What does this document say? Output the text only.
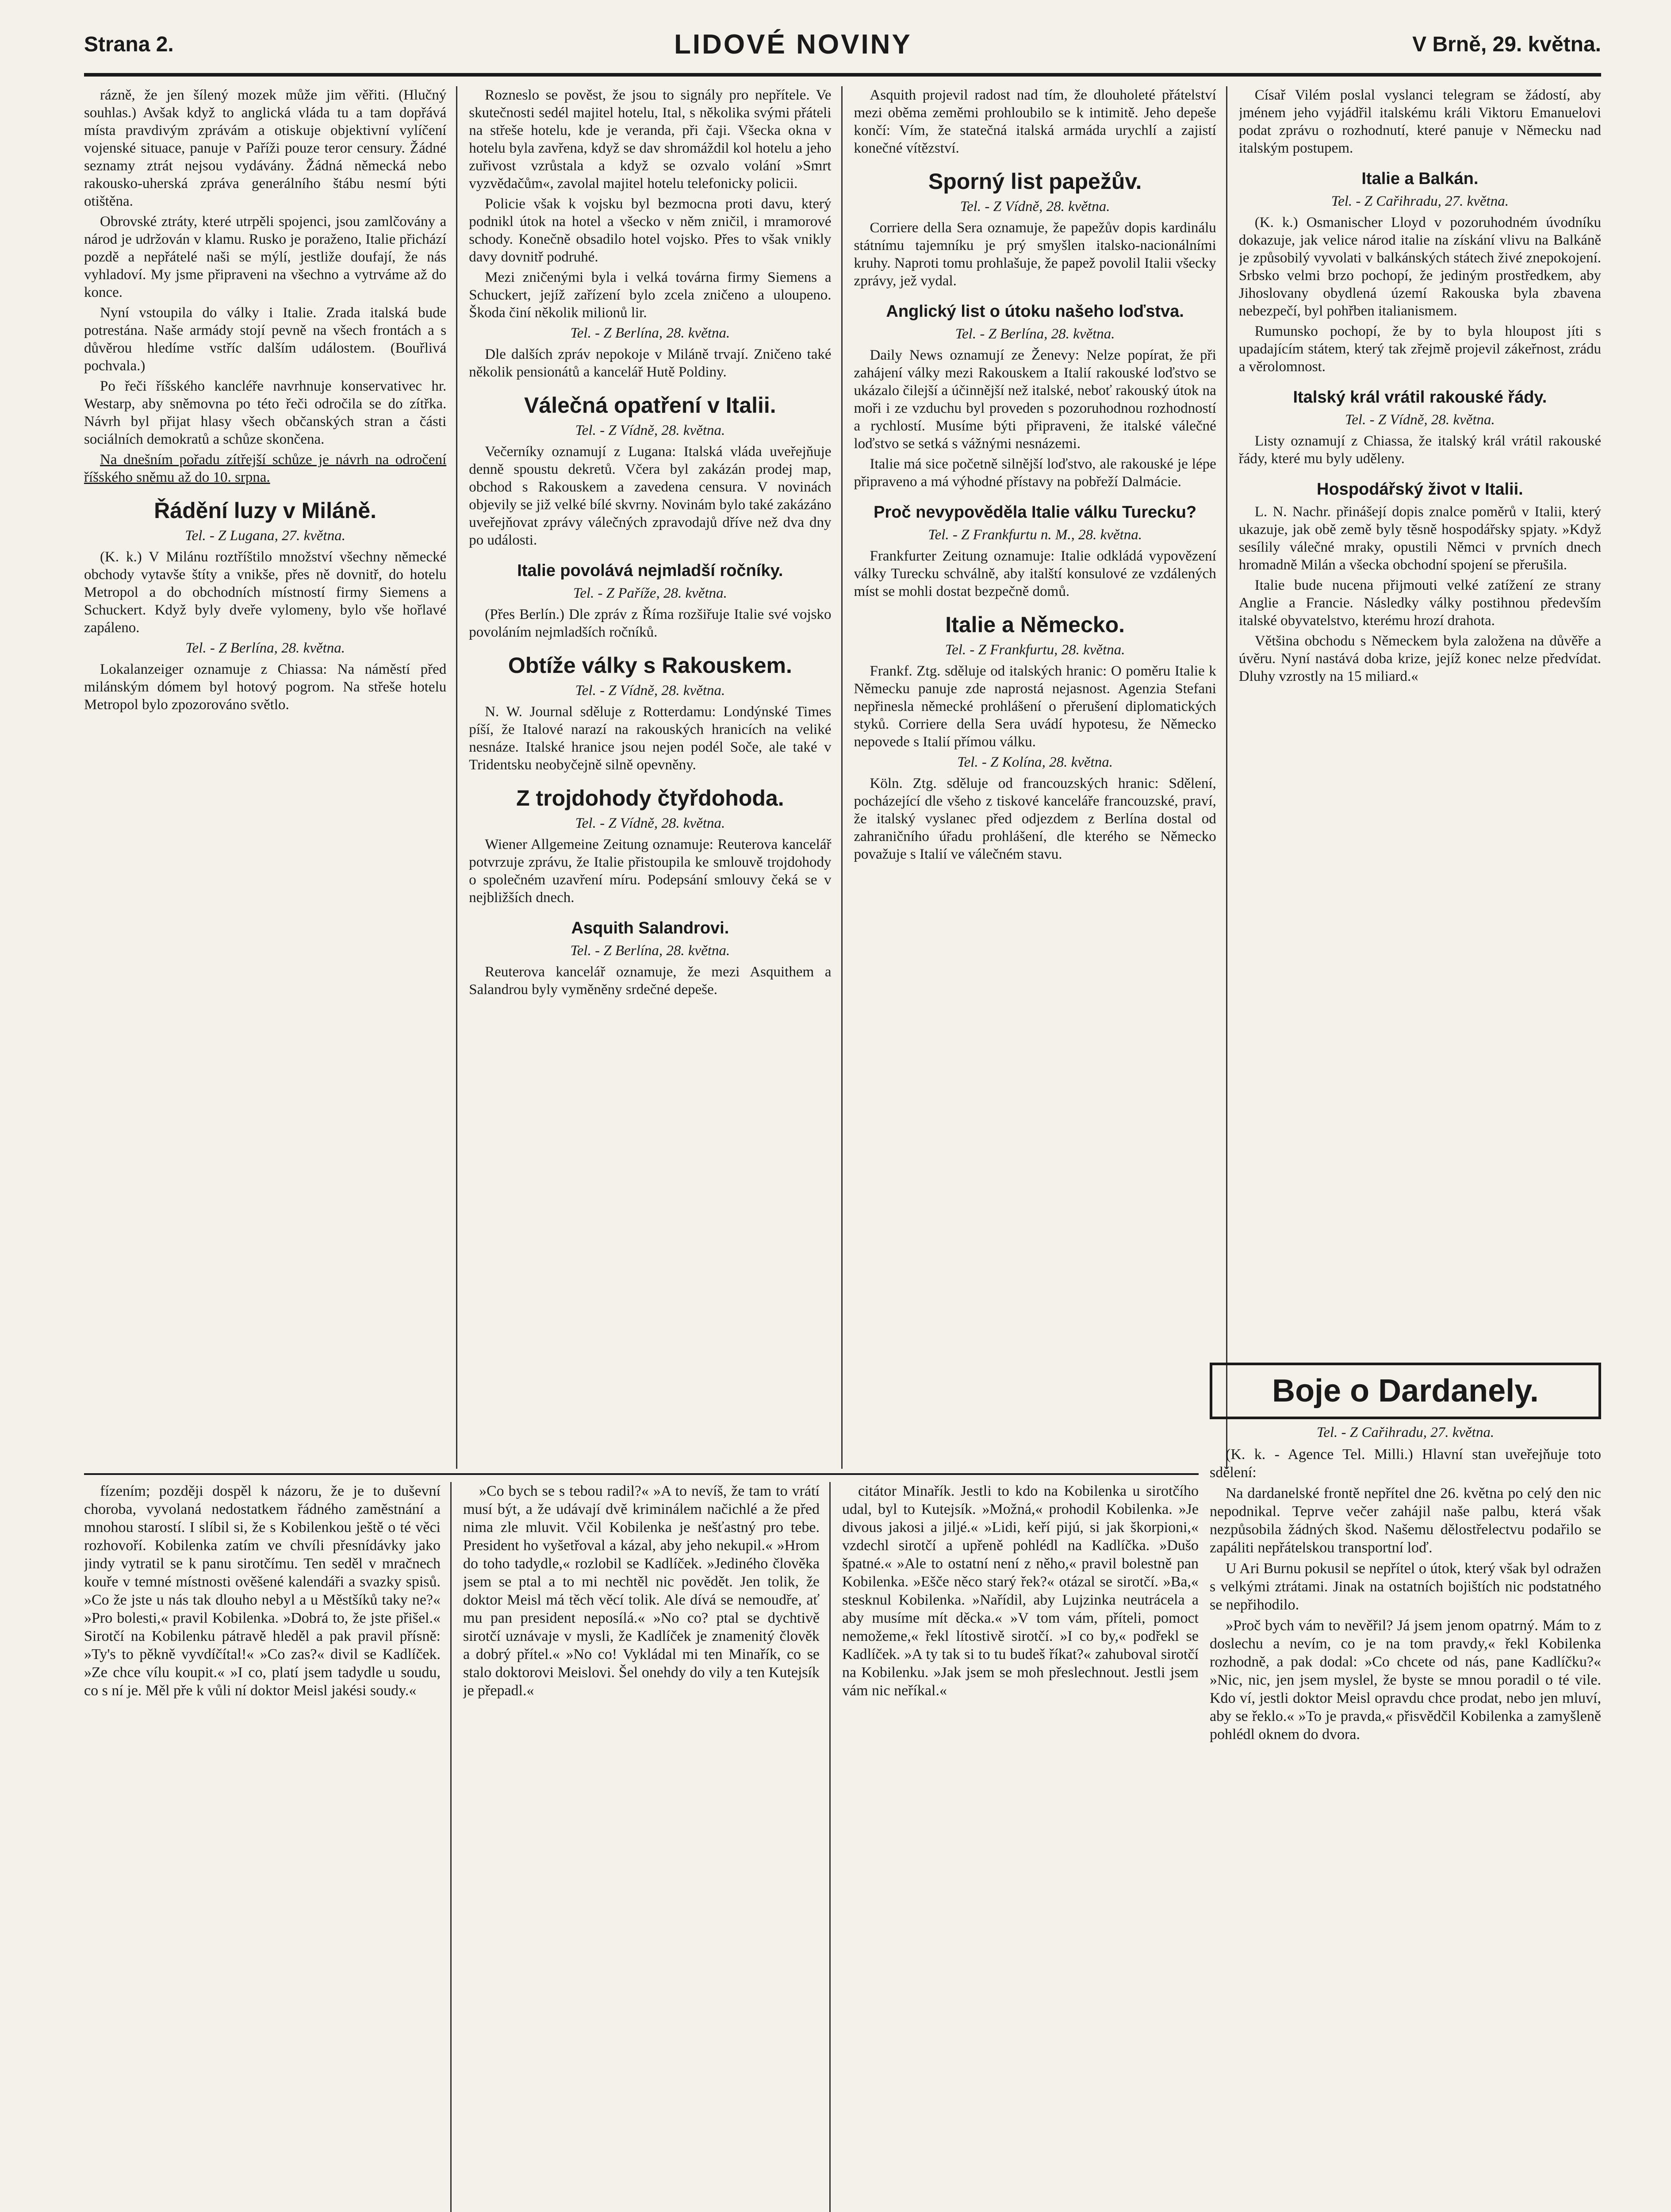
Strana 2.	LIDOVÉ NOVINY	V Brně, 29. května.

rázně, že jen šílený mozek může jim věřiti. (Hlučný souhlas.) Avšak když to anglická vláda tu a tam dopřává místa pravdivým zprávám a otiskuje objektivní vylíčení vojenské situace, panuje v Paříži pouze teror censury. Žádné seznamy ztrát nejsou vydávány. Žádná německá nebo rakousko-uherská zpráva generálního štábu nesmí býti otištěna.

Obrovské ztráty, které utrpěli spojenci, jsou zamlčovány a národ je udržován v klamu. Rusko je poraženo, Italie přichází pozdě a nepřátelé naši se mýlí, jestliže doufají, že nás vyhladoví. My jsme připraveni na všechno a vytrváme až do konce.

Nyní vstoupila do války i Italie. Zrada italská bude potrestána. Naše armády stojí pevně na všech frontách a s důvěrou hledíme vstříc dalším událostem. (Bouřlivá pochvala.)

Po řeči říšského kancléře navrhnuje konservativec hr. Westarp, aby sněmovna po této řeči odročila se do zítřka. Návrh byl přijat hlasy všech občanských stran a části sociálních demokratů a schůze skončena.

Na dnešním pořadu zítřejší schůze je návrh na odročení říšského sněmu až do 10. srpna.

Řádění luzy v Miláně.
Tel. - Z Lugana, 27. května.

(K. k.) V Milánu roztříštilo množství všechny německé obchody vytavše štíty a vnikše, přes ně dovnitř, do hotelu Metropol a do obchodních místností firmy Siemens a Schuckert. Když byly dveře vylomeny, bylo vše hořlavé zapáleno.

Tel. - Z Berlína, 28. května.

Lokalanzeiger oznamuje z Chiassa: Na náměstí před milánským dómem byl hotový pogrom. Na střeše hotelu Metropol bylo zpozorováno světlo.

Rozneslo se pověst, že jsou to signály pro nepřítele. Ve skutečnosti sedél majitel hotelu, Ital, s několika svými přáteli na střeše hotelu, kde je veranda, při čaji. Všecka okna v hotelu byla zavřena, když se dav shromáždil kol hotelu a jeho zuřivost vzrůstala a když se ozvalo volání »Smrt vyzvědačům«, zavolal majitel hotelu telefonicky policii.

Policie však k vojsku byl bezmocna proti davu, který podnikl útok na hotel a všecko v něm zničil, i mramorové schody. Konečně obsadilo hotel vojsko. Přes to však vnikly davy dovnitř podruhé.

Mezi zničenými byla i velká továrna firmy Siemens a Schuckert, jejíž zařízení bylo zcela zničeno a uloupeno. Škoda činí několik milionů lir.

Tel. - Z Berlína, 28. května.

Dle dalších zpráv nepokoje v Miláně trvají. Zničeno také několik pensionátů a kancelář Hutě Poldiny.

Válečná opatření v Italii.
Tel. - Z Vídně, 28. května.

Večerníky oznamují z Lugana: Italská vláda uveřejňuje denně spoustu dekretů. Včera byl zakázán prodej map, obchod s Rakouskem a zavedena censura. V novinách objevily se již velké bílé skvrny. Novinám bylo také zakázáno uveřejňovat zprávy válečných zpravodajů dříve než dva dny po události.

Italie povolává nejmladší ročníky.
Tel. - Z Paříže, 28. května.

(Přes Berlín.) Dle zpráv z Říma rozšiřuje Italie své vojsko povoláním nejmladších ročníků.

Obtíže války s Rakouskem.
Tel. - Z Vídně, 28. května.

N. W. Journal sděluje z Rotterdamu: Londýnské Times píší, že Italové narazí na rakouských hranicích na veliké nesnáze. Italské hranice jsou nejen podél Soče, ale také v Tridentsku neobyčejně silně opevněny.

Z trojdohody čtyřdohoda.
Tel. - Z Vídně, 28. května.

Wiener Allgemeine Zeitung oznamuje: Reuterova kancelář potvrzuje zprávu, že Italie přistoupila ke smlouvě trojdohody o společném uzavření míru. Podepsání smlouvy čeká se v nejbližších dnech.

Asquith Salandrovi.
Tel. - Z Berlína, 28. května.

Reuterova kancelář oznamuje, že mezi Asquithem a Salandrou byly vyměněny srdečné depeše.

Asquith projevil radost nad tím, že dlouholeté přátelství mezi oběma zeměmi prohloubilo se k intimitě. Jeho depeše končí: Vím, že statečná italská armáda urychlí a zajistí konečné vítězství.

Sporný list papežův.
Tel. - Z Vídně, 28. května.

Corriere della Sera oznamuje, že papežův dopis kardinálu státnímu tajemníku je prý smyšlen italsko-nacionálními kruhy. Naproti tomu prohlašuje, že papež povolil Italii všecky zprávy, jež vydal.

Anglický list o útoku našeho loďstva.
Tel. - Z Berlína, 28. května.

Daily News oznamují ze Ženevy: Nelze popírat, že při zahájení války mezi Rakouskem a Italií rakouské loďstvo se ukázalo čilejší a účinnější než italské, neboť rakouský útok na moři i ze vzduchu byl proveden s pozoruhodnou rozhodností a rychlostí. Musíme býti připraveni, že italské válečné loďstvo se setká s vážnými nesnázemi.

Italie má sice početně silnější loďstvo, ale rakouské je lépe připraveno a má výhodné přístavy na pobřeží Dalmácie.

Proč nevypověděla Italie válku Turecku?
Tel. - Z Frankfurtu n. M., 28. května.

Frankfurter Zeitung oznamuje: Italie odkládá vypovězení války Turecku schválně, aby italští konsulové ze vzdálených míst se mohli dostat bezpečně domů.

Italie a Německo.
Tel. - Z Frankfurtu, 28. května.

Frankf. Ztg. sděluje od italských hranic: O poměru Italie k Německu panuje zde naprostá nejasnost. Agenzia Stefani nepřinesla německé prohlášení o přerušení diplomatických styků. Corriere della Sera uvádí hypotesu, že Německo nepovede s Italií přímou válku.

Tel. - Z Kolína, 28. května.

Köln. Ztg. sděluje od francouzských hranic: Sdělení, pocházející dle všeho z tiskové kanceláře francouzské, praví, že italský vyslanec před odjezdem z Berlína dostal od zahraničního úřadu prohlášení, dle kterého se Německo považuje s Italií ve válečném stavu.

Císař Vilém poslal vyslanci telegram se žádostí, aby jménem jeho vyjádřil italskému králi Viktoru Emanuelovi podat zprávu o rozhodnutí, které panuje v Německu nad italským postupem.

Italie a Balkán.
Tel. - Z Cařihradu, 27. května.

(K. k.) Osmanischer Lloyd v pozoruhodném úvodníku dokazuje, jak velice národ italie na získání vlivu na Balkáně je způsobilý vyvolati v balkánských státech živé znepokojení. Srbsko velmi brzo pochopí, že jediným prostředkem, aby Jihoslovany obydlená území Rakouska byla zbavena nebezpečí, byl pohřben italianismem.

Rumunsko pochopí, že by to byla hloupost jíti s upadajícím státem, který tak zřejmě projevil zákeřnost, zrádu a věrolomnost.

Italský král vrátil rakouské řády.
Tel. - Z Vídně, 28. května.

Listy oznamují z Chiassa, že italský král vrátil rakouské řády, které mu byly uděleny.

Hospodářský život v Italii.

L. N. Nachr. přinášejí dopis znalce poměrů v Italii, který ukazuje, jak obě země byly těsně hospodářsky spjaty. »Když sesílily válečné mraky, opustili Němci v prvních dnech hromadně Milán a všecka obchodní spojení se přerušila.

Italie bude nucena přijmouti velké zatížení ze strany Anglie a Francie. Následky války postihnou především italské obyvatelstvo, kterému hrozí drahota.

Většina obchodu s Německem byla založena na důvěře a úvěru. Nyní nastává doba krize, jejíž konec nelze předvídat. Dluhy vzrostly na 15 miliard.«

fízením; později dospěl k názoru, že je to duševní choroba, vyvolaná nedostatkem řádného zaměstnání a mnohou starostí. I slíbil si, že s Kobilenkou ještě o té věci rozhovoří. Kobilenka zatím ve chvíli přesnídávky jako jindy vytratil se k panu sirotčímu. Ten seděl v mračnech kouře v temné místnosti ověšené kalendáři a svazky spisů. »Co že jste u nás tak dlouho nebyl a u Městšíků taky ne?« »Pro bolesti,« pravil Kobilenka. »Dobrá to, že jste přišel.« Sirotčí na Kobilenku pátravě hleděl a pak pravil přísně: »Ty's to pěkně vyvdíčítal!« »Co zas?« divil se Kadlíček. »Ze chce vílu koupit.« »I co, platí jsem tadydle u soudu, co s ní je. Měl pře k vůli ní doktor Meisl jakési soudy.«

»Co bych se s tebou radil?« »A to nevíš, že tam to vrátí musí být, a že udávají dvě kriminálem načichlé a že před nima zle mluvit. Včil Kobilenka je nešťastný pro tebe. President ho vyšetřoval a kázal, aby jeho nekupil.« »Hrom do toho tadydle,« rozlobil se Kadlíček. »Jediného člověka jsem se ptal a to mi nechtěl nic povědět. Jen tolik, že doktor Meisl má těch věcí tolik. Ale dívá se nemoudře, ať mu pan president neposílá.« »No co? ptal se dychtivě sirotčí uznávaje v mysli, že Kadlíček je znamenitý člověk a dobrý přítel.« »No co! Vykládal mi ten Minařík, co se stalo doktorovi Meislovi. Šel onehdy do vily a ten Kutejsík je přepadl.«

citátor Minařík. Jestli to kdo na Kobilenka u sirotčího udal, byl to Kutejsík. »Možná,« prohodil Kobilenka. »Je divous jakosi a jiljé.« »Lidi, keří pijú, si jak škorpioni,« vzdechl sirotčí a upřeně pohlédl na Kadlíčka. »Dušo špatné.« »Ale to ostatní není z něho,« pravil bolestně pan Kobilenka. »Ešče něco starý řek?« otázal se sirotčí. »Ba,« stesknul Kobilenka. »Nařídil, aby Lujzinka neutrácela a aby musíme mít děcka.« »V tom vám, příteli, pomoct nemožeme,« řekl lítostivě sirotčí. »I co by,« podřekl se Kadlíček. »A ty tak si to tu budeš říkat?« zahuboval sirotčí na Kobilenku. »Jak jsem se moh přeslechnout. Jestli jsem vám nic neříkal.«

Boje o Dardanely.
Tel. - Z Cařihradu, 27. května.

(K. k. - Agence Tel. Milli.) Hlavní stan uveřejňuje toto sdělení:

Na dardanelské frontě nepřítel dne 26. května po celý den nic nepodnikal. Teprve večer zahájil naše palbu, která však nezpůsobila žádných škod. Našemu dělostřelectvu podařilo se zapáliti nepřátelskou transportní loď.

U Ari Burnu pokusil se nepřítel o útok, který však byl odražen s velkými ztrátami. Jinak na ostatních bojištích nic podstatného se nepřihodilo.

»Proč bych vám to nevěřil? Já jsem jenom opatrný. Mám to z doslechu a nevím, co je na tom pravdy,« řekl Kobilenka rozhodně, a pak dodal: »Co chcete od nás, pane Kadlíčku?« »Nic, nic, jen jsem myslel, že byste se mnou poradil o té vile. Kdo ví, jestli doktor Meisl opravdu chce prodat, nebo jen mluví, aby se řeklo.« »To je pravda,« přisvědčil Kobilenka a zamyšleně pohlédl oknem do dvora.
